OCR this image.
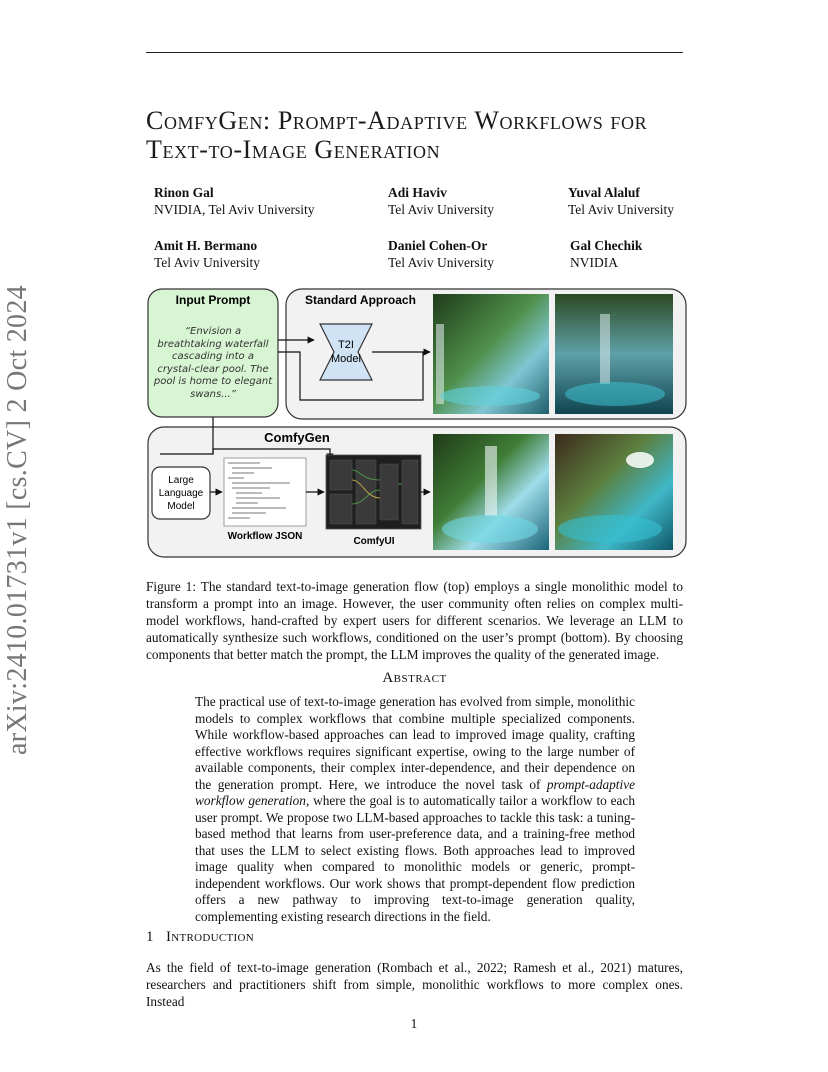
arXiv:2410.01731v1 [cs.CV] 2 Oct 2024
ComfyGen: Prompt-Adaptive Workflows for
Text-to-Image Generation
Rinon Gal
NVIDIA, Tel Aviv University
Adi Haviv
Tel Aviv University
Yuval Alaluf
Tel Aviv University
Amit H. Bermano
Tel Aviv University
Daniel Cohen-Or
Tel Aviv University
Gal Chechik
NVIDIA
Input Prompt	Standard Approach
“Envision a breathtaking waterfall cascading into a crystal-clear pool. The pool is home to elegant swans...”
T2I
Model
ComfyGen
Large
Language
Model
Workflow JSON	ComfyUI
Figure 1: The standard text-to-image generation flow (top) employs a single monolithic model to transform a prompt into an image. However, the user community often relies on complex multi-model workflows, hand-crafted by expert users for different scenarios. We leverage an LLM to automatically synthesize such workflows, conditioned on the user’s prompt (bottom). By choosing components that better match the prompt, the LLM improves the quality of the generated image.
Abstract
The practical use of text-to-image generation has evolved from simple, monolithic models to complex workflows that combine multiple specialized components. While workflow-based approaches can lead to improved image quality, crafting effective workflows requires significant expertise, owing to the large number of available components, their complex inter-dependence, and their dependence on the generation prompt. Here, we introduce the novel task of prompt-adaptive workflow generation, where the goal is to automatically tailor a workflow to each user prompt. We propose two LLM-based approaches to tackle this task: a tuning-based method that learns from user-preference data, and a training-free method that uses the LLM to select existing flows. Both approaches lead to improved image quality when compared to monolithic models or generic, prompt-independent workflows. Our work shows that prompt-dependent flow prediction offers a new pathway to improving text-to-image generation quality, complementing existing research directions in the field.
1 Introduction
As the field of text-to-image generation (Rombach et al., 2022; Ramesh et al., 2021) matures, researchers and practitioners shift from simple, monolithic workflows to more complex ones. Instead
1
